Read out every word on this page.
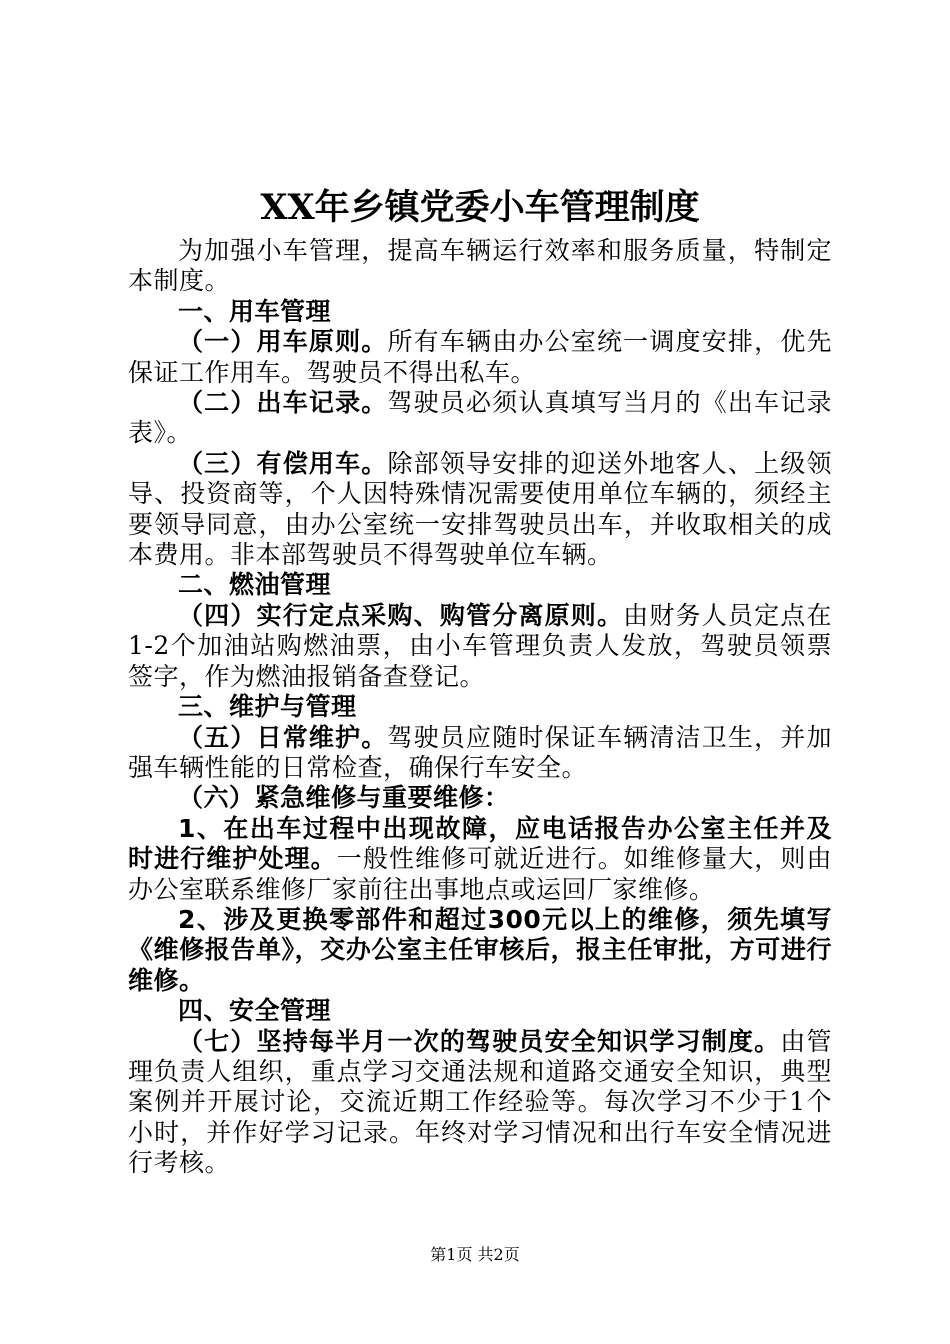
XX年乡镇党委小车管理制度

为加强小车管理，提高车辆运行效率和服务质量，特制定本制度。

一、用车管理

（一）用车原则。所有车辆由办公室统一调度安排，优先保证工作用车。驾驶员不得出私车。

（二）出车记录。驾驶员必须认真填写当月的《出车记录表》。

（三）有偿用车。除部领导安排的迎送外地客人、上级领导、投资商等，个人因特殊情况需要使用单位车辆的，须经主要领导同意，由办公室统一安排驾驶员出车，并收取相关的成本费用。非本部驾驶员不得驾驶单位车辆。

二、燃油管理

（四）实行定点采购、购管分离原则。由财务人员定点在1-2个加油站购燃油票，由小车管理负责人发放，驾驶员领票签字，作为燃油报销备查登记。

三、维护与管理

（五）日常维护。驾驶员应随时保证车辆清洁卫生，并加强车辆性能的日常检查，确保行车安全。

（六）紧急维修与重要维修：

1、在出车过程中出现故障，应电话报告办公室主任并及时进行维护处理。一般性维修可就近进行。如维修量大，则由办公室联系维修厂家前往出事地点或运回厂家维修。

2、涉及更换零部件和超过300元以上的维修，须先填写《维修报告单》，交办公室主任审核后，报主任审批，方可进行维修。

四、安全管理

（七）坚持每半月一次的驾驶员安全知识学习制度。由管理负责人组织，重点学习交通法规和道路交通安全知识，典型案例并开展讨论，交流近期工作经验等。每次学习不少于1个小时，并作好学习记录。年终对学习情况和出行车安全情况进行考核。

第1页 共2页
